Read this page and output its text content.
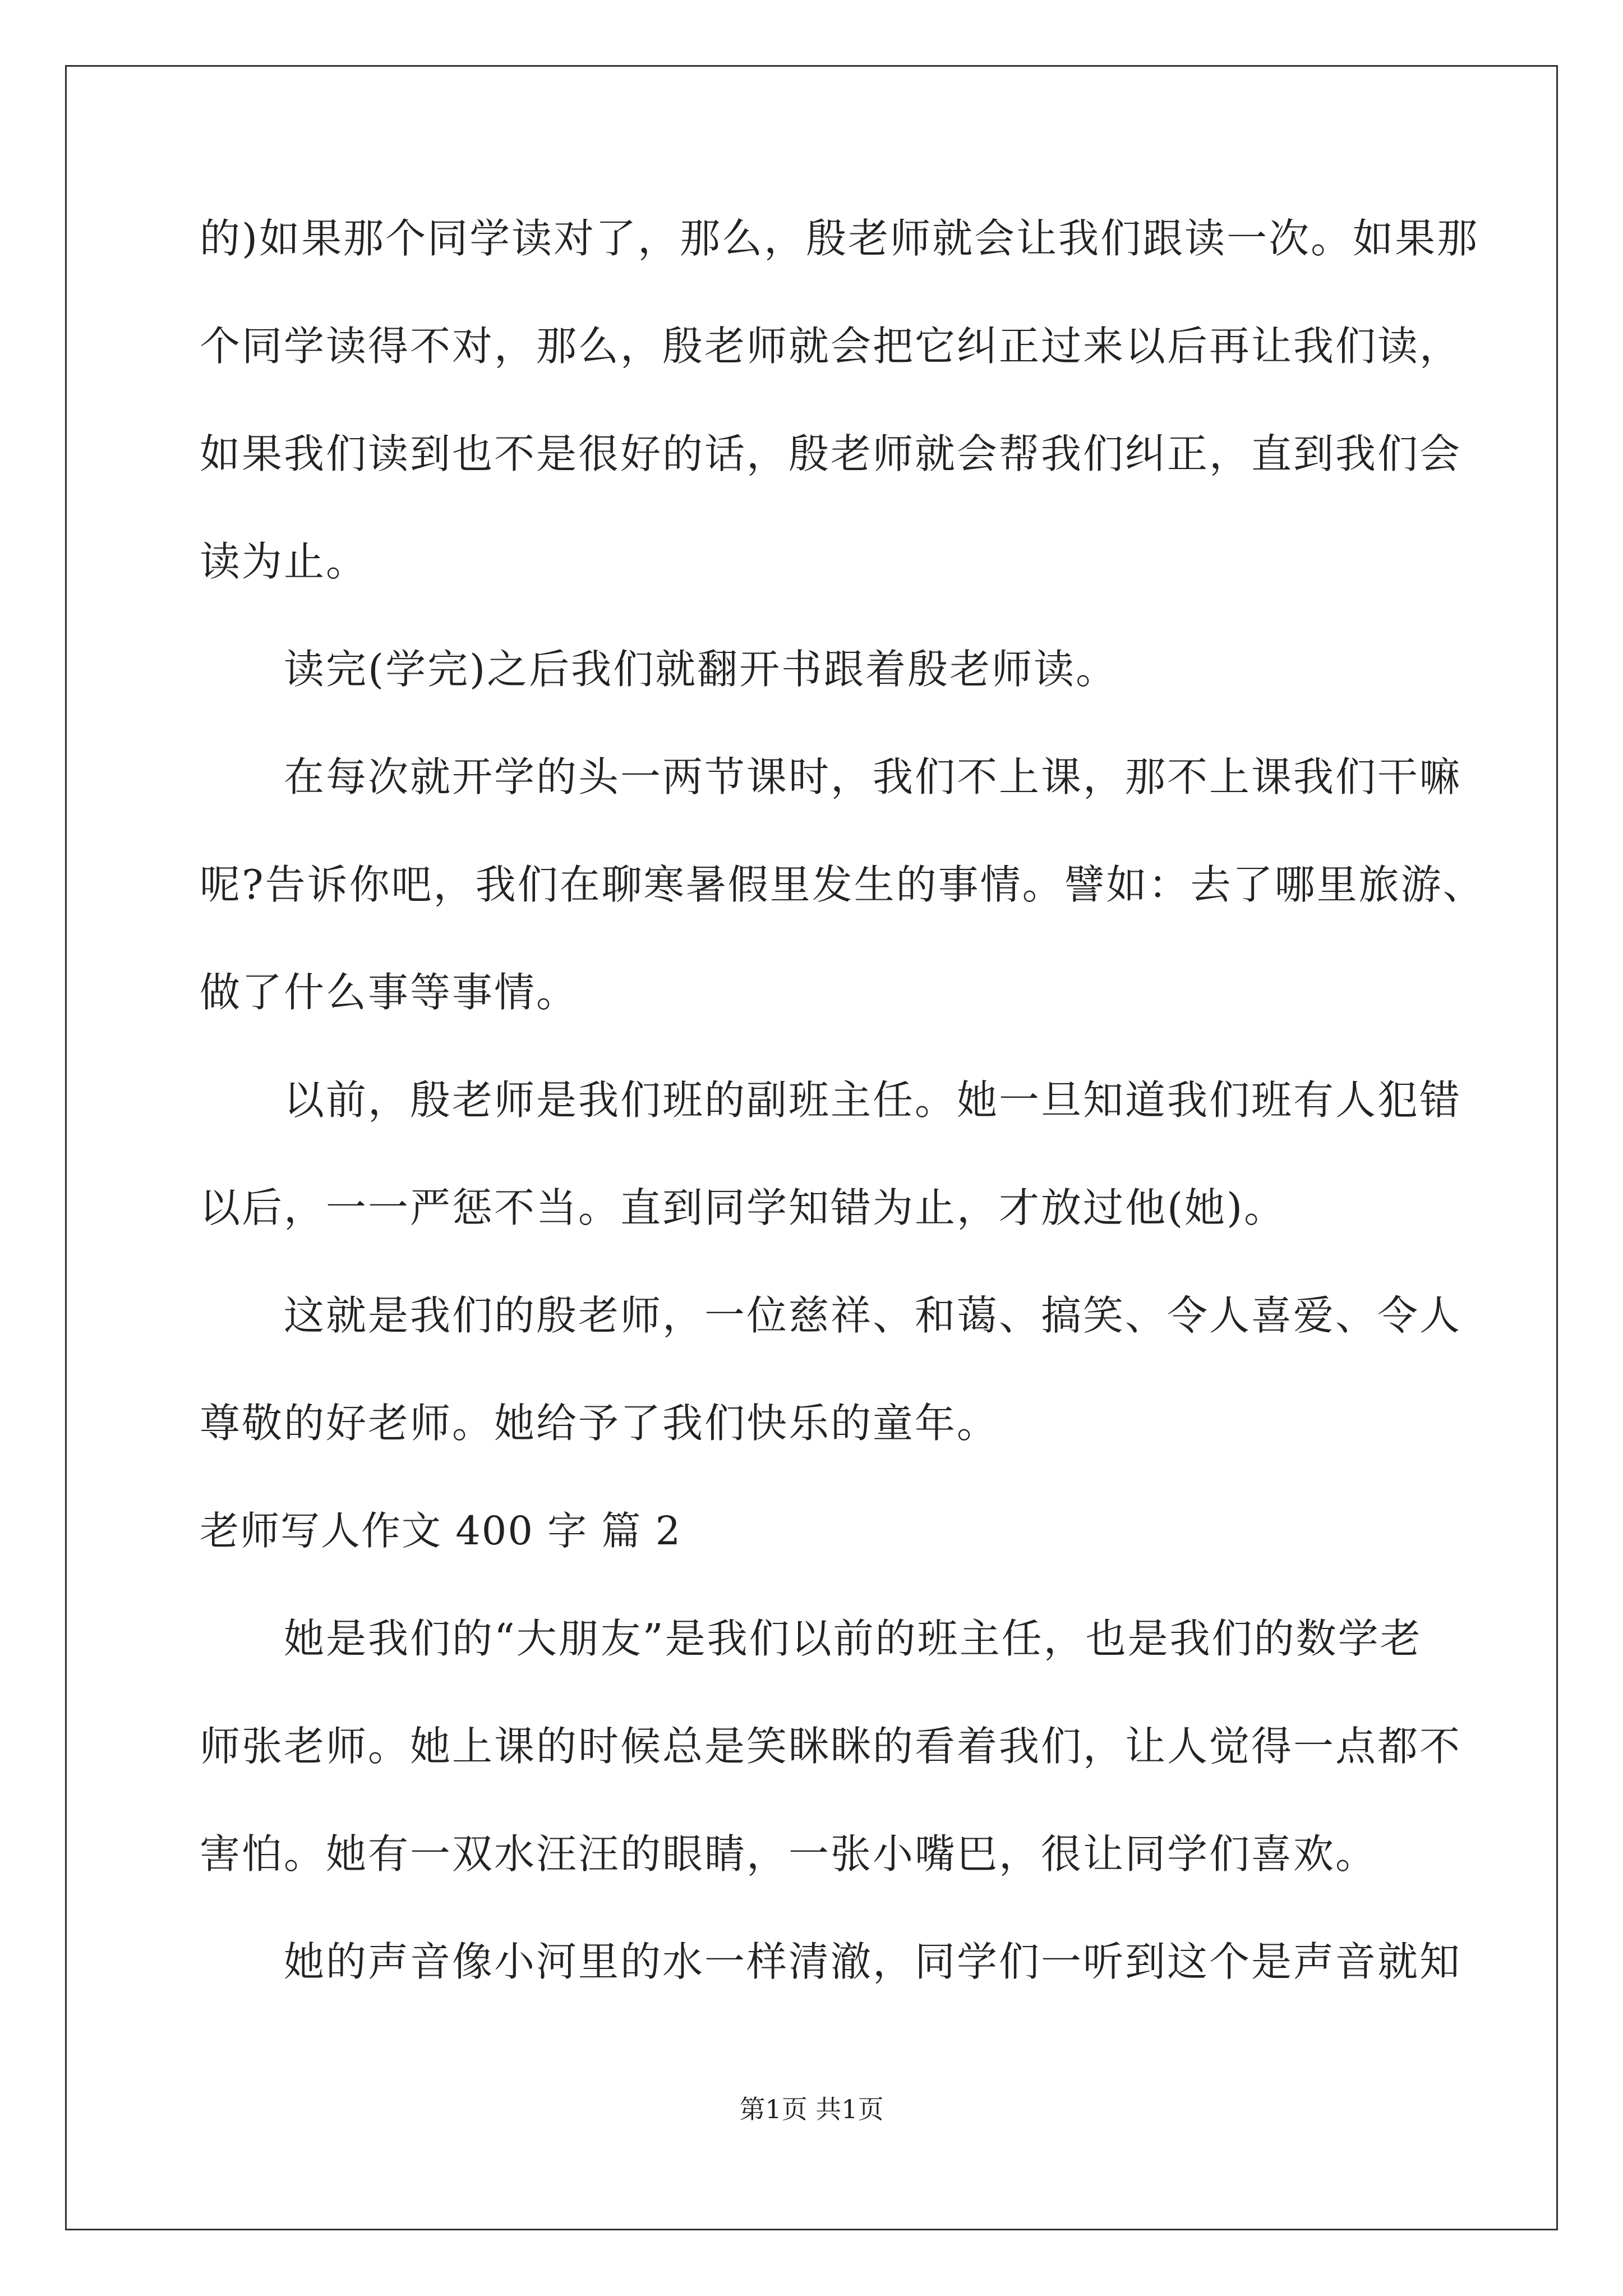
的)如果那个同学读对了，那么，殷老师就会让我们跟读一次。如果那
个同学读得不对，那么，殷老师就会把它纠正过来以后再让我们读，
如果我们读到也不是很好的话，殷老师就会帮我们纠正，直到我们会
读为止。
　　读完(学完)之后我们就翻开书跟着殷老师读。
　　在每次就开学的头一两节课时，我们不上课，那不上课我们干嘛
呢?告诉你吧，我们在聊寒暑假里发生的事情。譬如：去了哪里旅游、
做了什么事等事情。
　　以前，殷老师是我们班的副班主任。她一旦知道我们班有人犯错
以后，一一严惩不当。直到同学知错为止，才放过他(她)。
　　这就是我们的殷老师，一位慈祥、和蔼、搞笑、令人喜爱、令人
尊敬的好老师。她给予了我们快乐的童年。
老师写人作文 400 字 篇 2
　　她是我们的“大朋友”是我们以前的班主任，也是我们的数学老
师张老师。她上课的时候总是笑眯眯的看着我们，让人觉得一点都不
害怕。她有一双水汪汪的眼睛，一张小嘴巴，很让同学们喜欢。
　　她的声音像小河里的水一样清澈，同学们一听到这个是声音就知
第1页 共1页
